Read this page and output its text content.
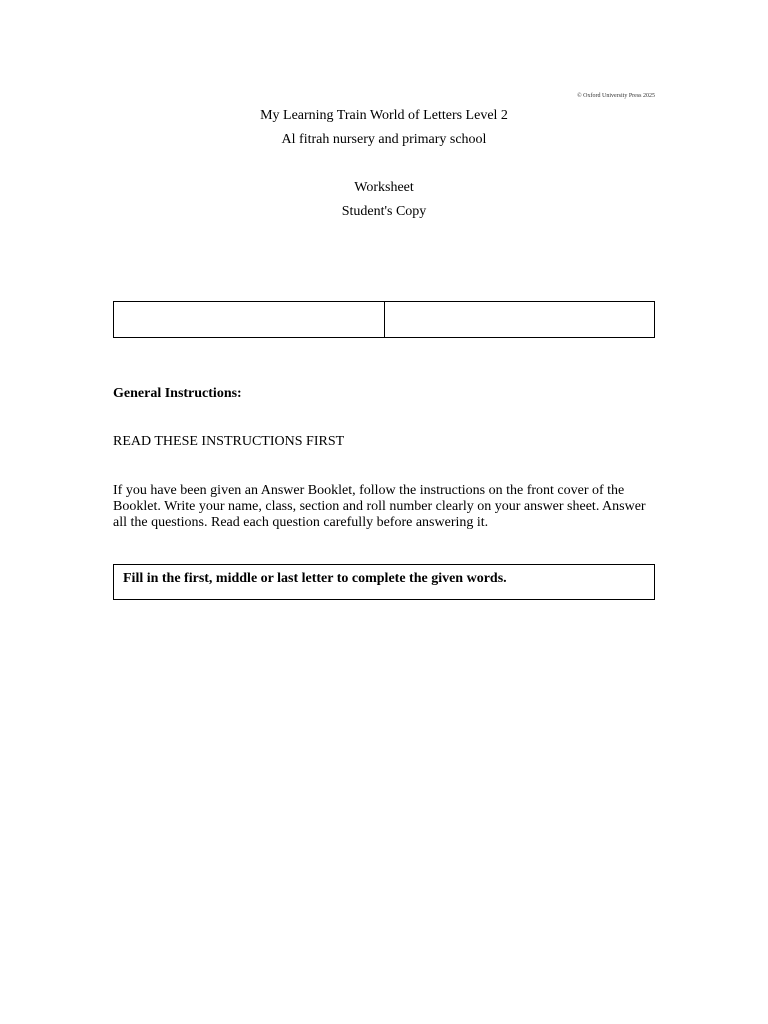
© Oxford University Press 2025
My Learning Train World of Letters Level 2
Al fitrah nursery and primary school
Worksheet
Student's Copy
General Instructions:
READ THESE INSTRUCTIONS FIRST
If you have been given an Answer Booklet, follow the instructions on the front cover of the Booklet. Write your name, class, section and roll number clearly on your answer sheet. Answer all the questions. Read each question carefully before answering it.
Fill in the first, middle or last letter to complete the given words.
